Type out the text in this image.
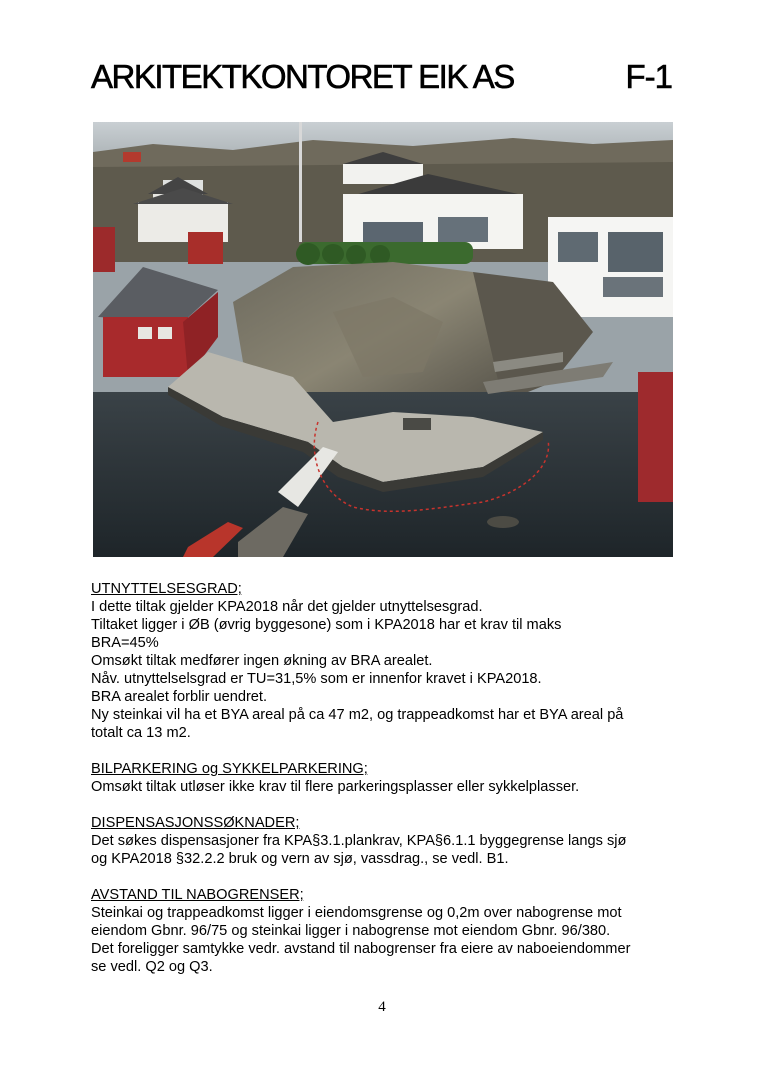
ARKITEKTKONTORET EIK AS	F-1
UTNYTTELSESGRAD;
I dette tiltak gjelder KPA2018 når det gjelder utnyttelsesgrad.
Tiltaket ligger i ØB (øvrig byggesone) som i KPA2018 har et krav til maks
BRA=45%
Omsøkt tiltak medfører ingen økning av BRA arealet.
Nåv. utnyttelselsgrad er TU=31,5% som er innenfor kravet i KPA2018.
BRA arealet forblir uendret.
Ny steinkai vil ha et BYA areal på ca 47 m2, og trappeadkomst har et BYA areal på
totalt ca 13 m2.
BILPARKERING og SYKKELPARKERING;
Omsøkt tiltak utløser ikke krav til flere parkeringsplasser eller sykkelplasser.
DISPENSASJONSSØKNADER;
Det søkes dispensasjoner fra KPA§3.1.plankrav, KPA§6.1.1 byggegrense langs sjø
og KPA2018 §32.2.2 bruk og vern av sjø, vassdrag., se vedl. B1.
AVSTAND TIL NABOGRENSER;
Steinkai og trappeadkomst ligger i eiendomsgrense og 0,2m over nabogrense mot
eiendom Gbnr. 96/75 og steinkai ligger i nabogrense mot eiendom Gbnr. 96/380.
Det foreligger samtykke vedr. avstand til nabogrenser fra eiere av naboeiendommer
se vedl. Q2 og Q3.
4
